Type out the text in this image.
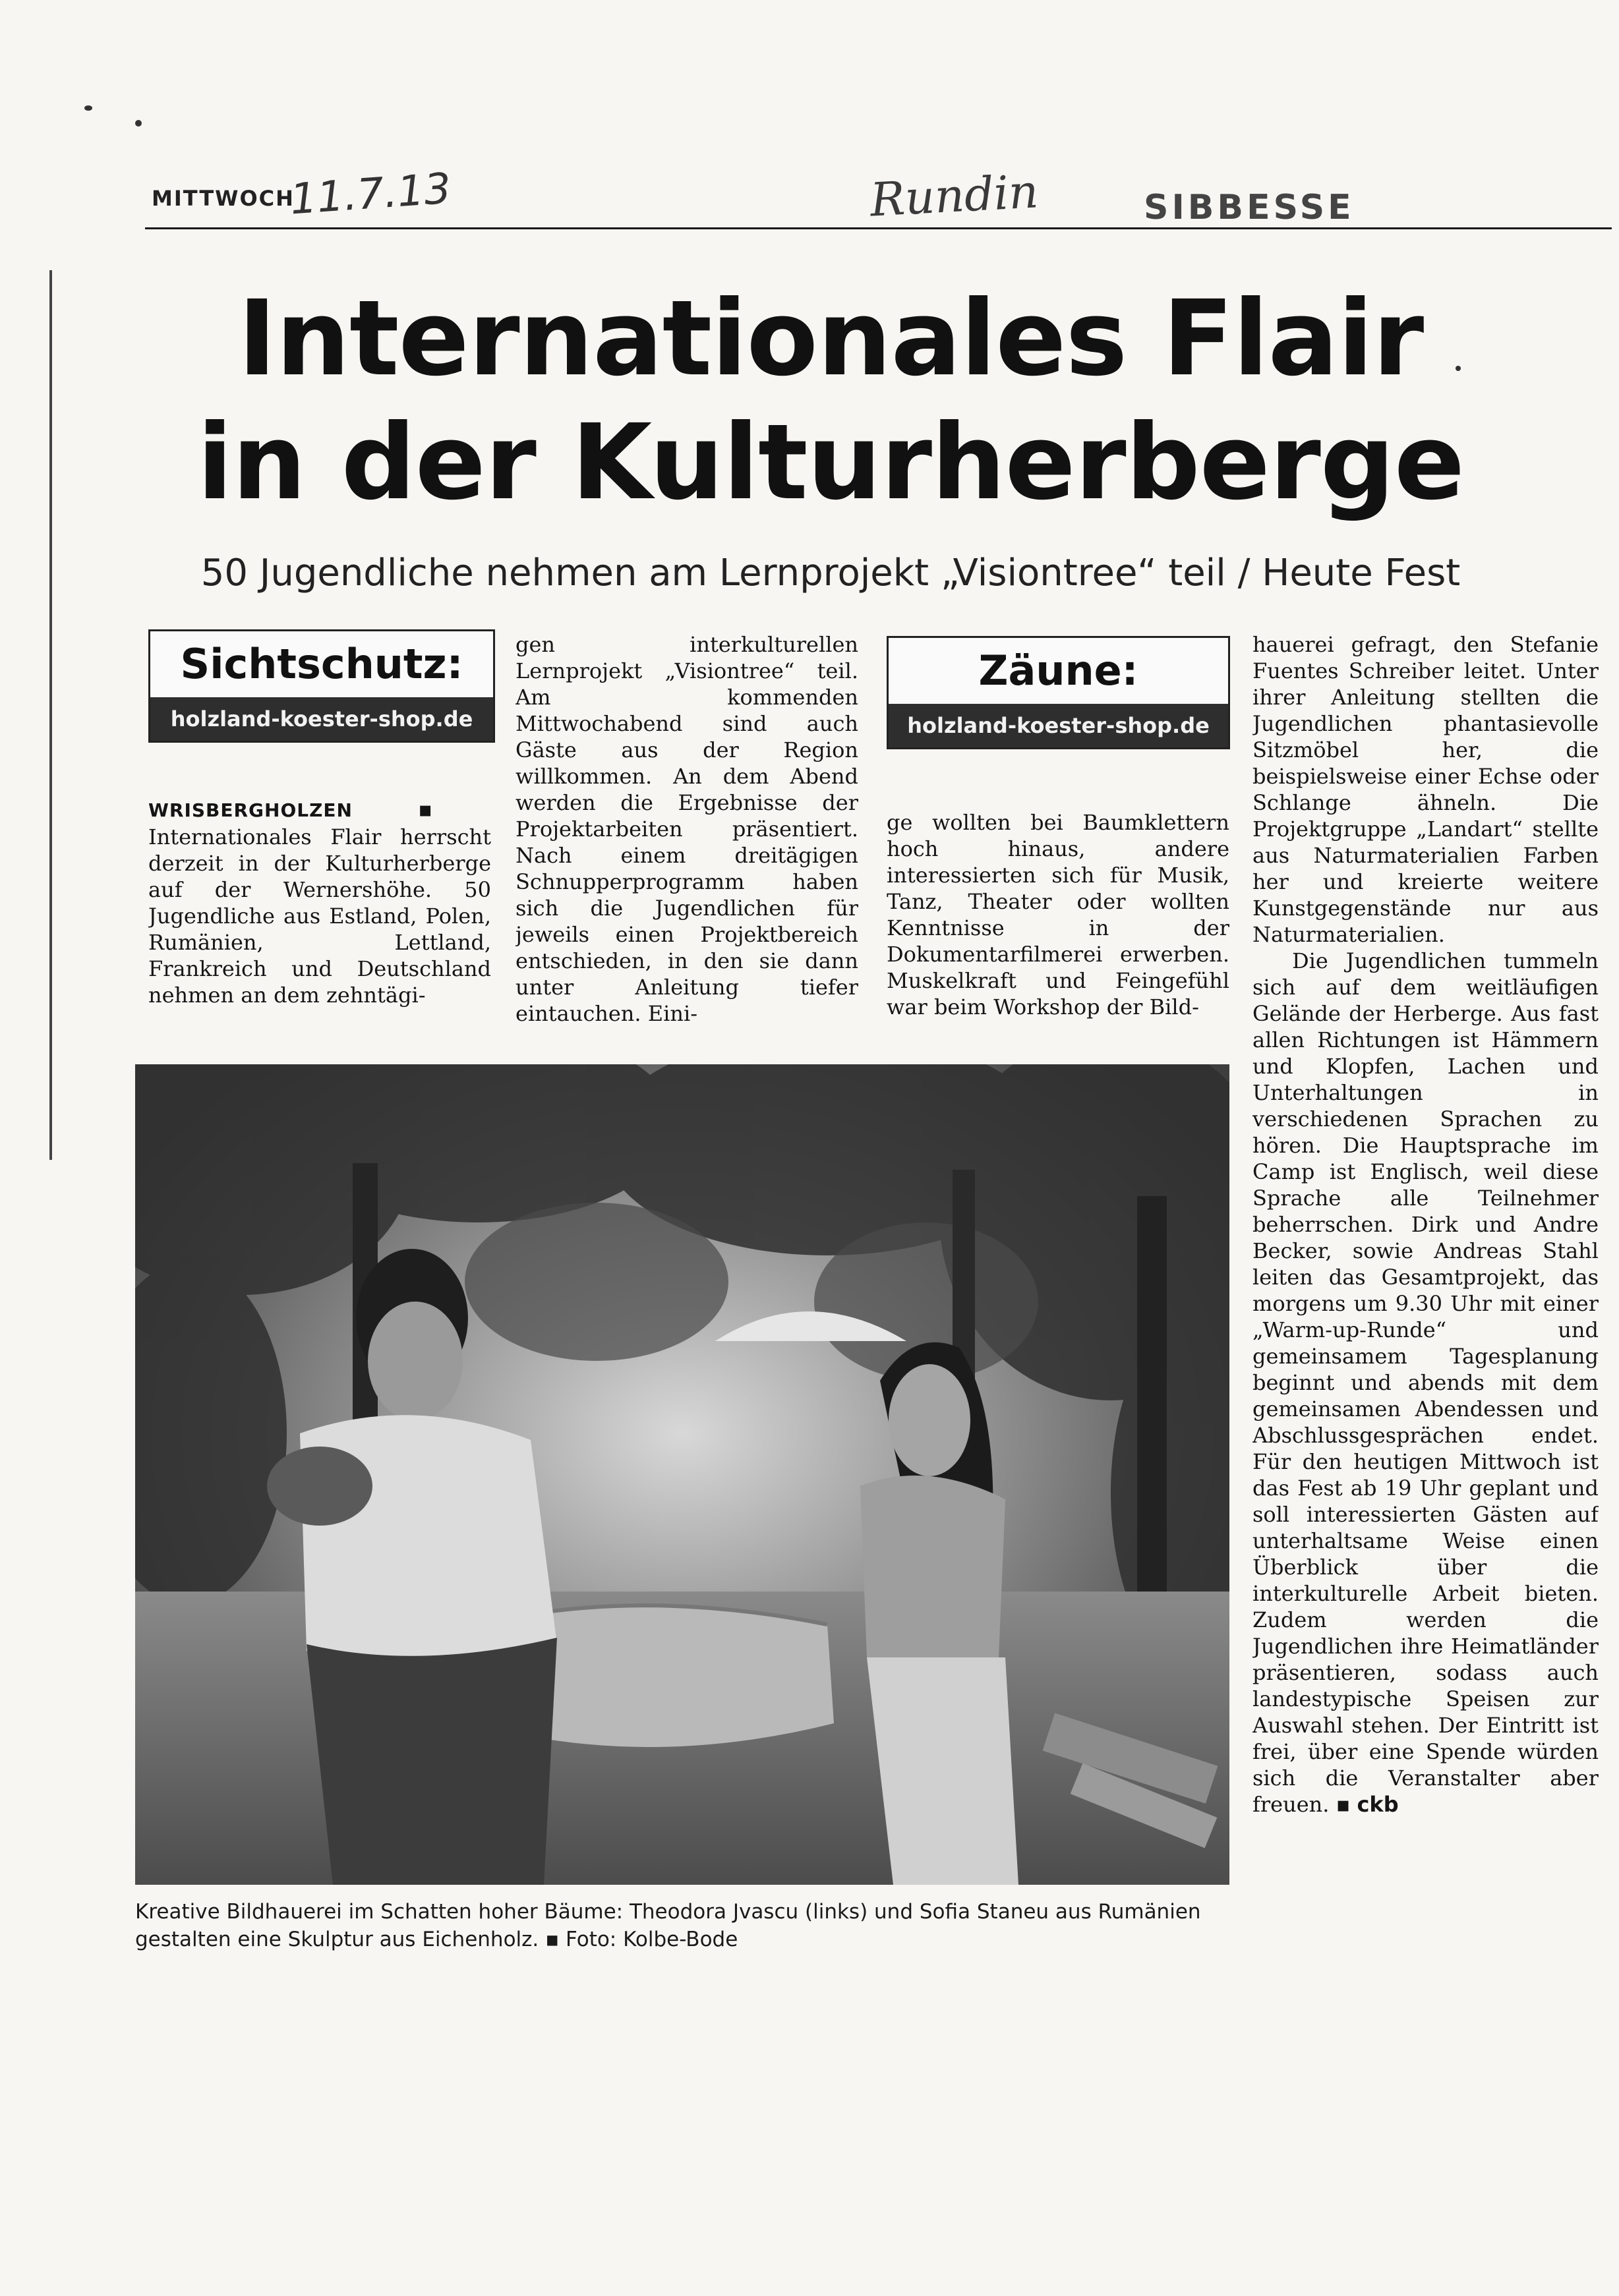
MITTWOCH
11.7.13	Rundin	SIBBESSE
Internationales Flair
in der Kulturherberge
50 Jugendliche nehmen am Lernprojekt „Visiontree“ teil / Heute Fest
Sichtschutz:
holzland-koester-shop.de
Zäune:
holzland-koester-shop.de
WRISBERGHOLZEN	▪ Internationales Flair herrscht derzeit in der Kulturherberge auf der Wernershöhe. 50 Jugendliche aus Estland, Polen, Rumänien, Lettland, Frankreich und Deutschland nehmen an dem zehntägi-
gen interkulturellen Lernprojekt „Visiontree“ teil. Am kommenden Mittwochabend sind auch Gäste aus der Region willkommen. An dem Abend werden die Ergebnisse der Projektarbeiten präsentiert. Nach einem dreitägigen Schnupperprogramm haben sich die Jugendlichen für jeweils einen Projektbereich entschieden, in den sie dann unter Anleitung tiefer eintauchen. Eini-
ge wollten bei Baumklettern hoch hinaus, andere interessierten sich für Musik, Tanz, Theater oder wollten Kenntnisse in der Dokumentarfilmerei erwerben. Muskelkraft und Feingefühl war beim Workshop der Bild-
hauerei gefragt, den Stefanie Fuentes Schreiber leitet. Unter ihrer Anleitung stellten die Jugendlichen phantasievolle Sitzmöbel her, die beispielsweise einer Echse oder Schlange ähneln. Die Projektgruppe „Landart“ stellte aus Naturmaterialien Farben her und kreierte weitere Kunstgegenstände nur aus Naturmaterialien.
Die Jugendlichen tummeln sich auf dem weitläufigen Gelände der Herberge. Aus fast allen Richtungen ist Hämmern und Klopfen, Lachen und Unterhaltungen in verschiedenen Sprachen zu hören. Die Hauptsprache im Camp ist Englisch, weil diese Sprache alle Teilnehmer beherrschen. Dirk und Andre Becker, sowie Andreas Stahl leiten das Gesamtprojekt, das morgens um 9.30 Uhr mit einer „Warm-up-Runde“ und gemeinsamem Tagesplanung beginnt und abends mit dem gemeinsamen Abendessen und Abschlussgesprächen endet. Für den heutigen Mittwoch ist das Fest ab 19 Uhr geplant und soll interessierten Gästen auf unterhaltsame Weise einen Überblick über die interkulturelle Arbeit bieten. Zudem werden die Jugendlichen ihre Heimatländer präsentieren, sodass auch landestypische Speisen zur Auswahl stehen. Der Eintritt ist frei, über eine Spende würden sich die Veranstalter aber freuen. ▪ ckb
Kreative Bildhauerei im Schatten hoher Bäume: Theodora Jvascu (links) und Sofia Staneu aus Rumänien gestalten eine Skulptur aus Eichenholz. ▪ Foto: Kolbe-Bode
